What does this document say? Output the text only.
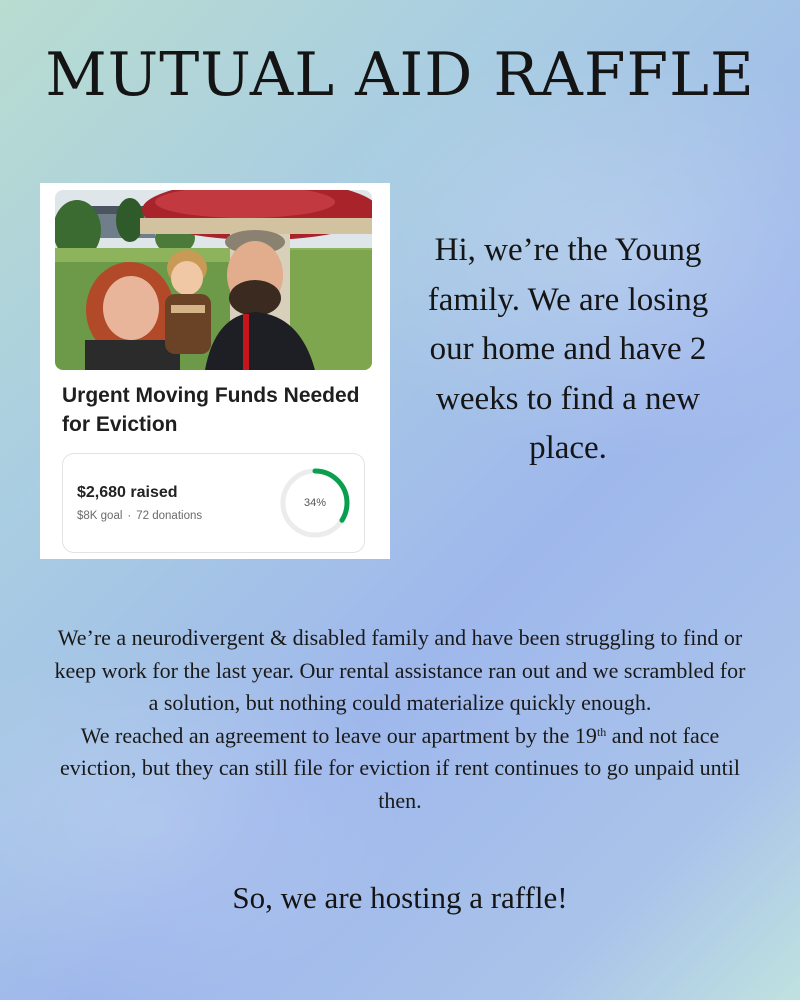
MUTUAL AID RAFFLE
Urgent Moving Funds Needed for Eviction
$2,680 raised
$8K goal · 72 donations
34%
Hi, we’re the Young family. We are losing our home and have 2 weeks to find a new place.

We’re a neurodivergent & disabled family and have been struggling to find or keep work for the last year. Our rental assistance ran out and we scrambled for a solution, but nothing could materialize quickly enough.

We reached an agreement to leave our apartment by the 19th and not face eviction, but they can still file for eviction if rent continues to go unpaid until then.

So, we are hosting a raffle!
